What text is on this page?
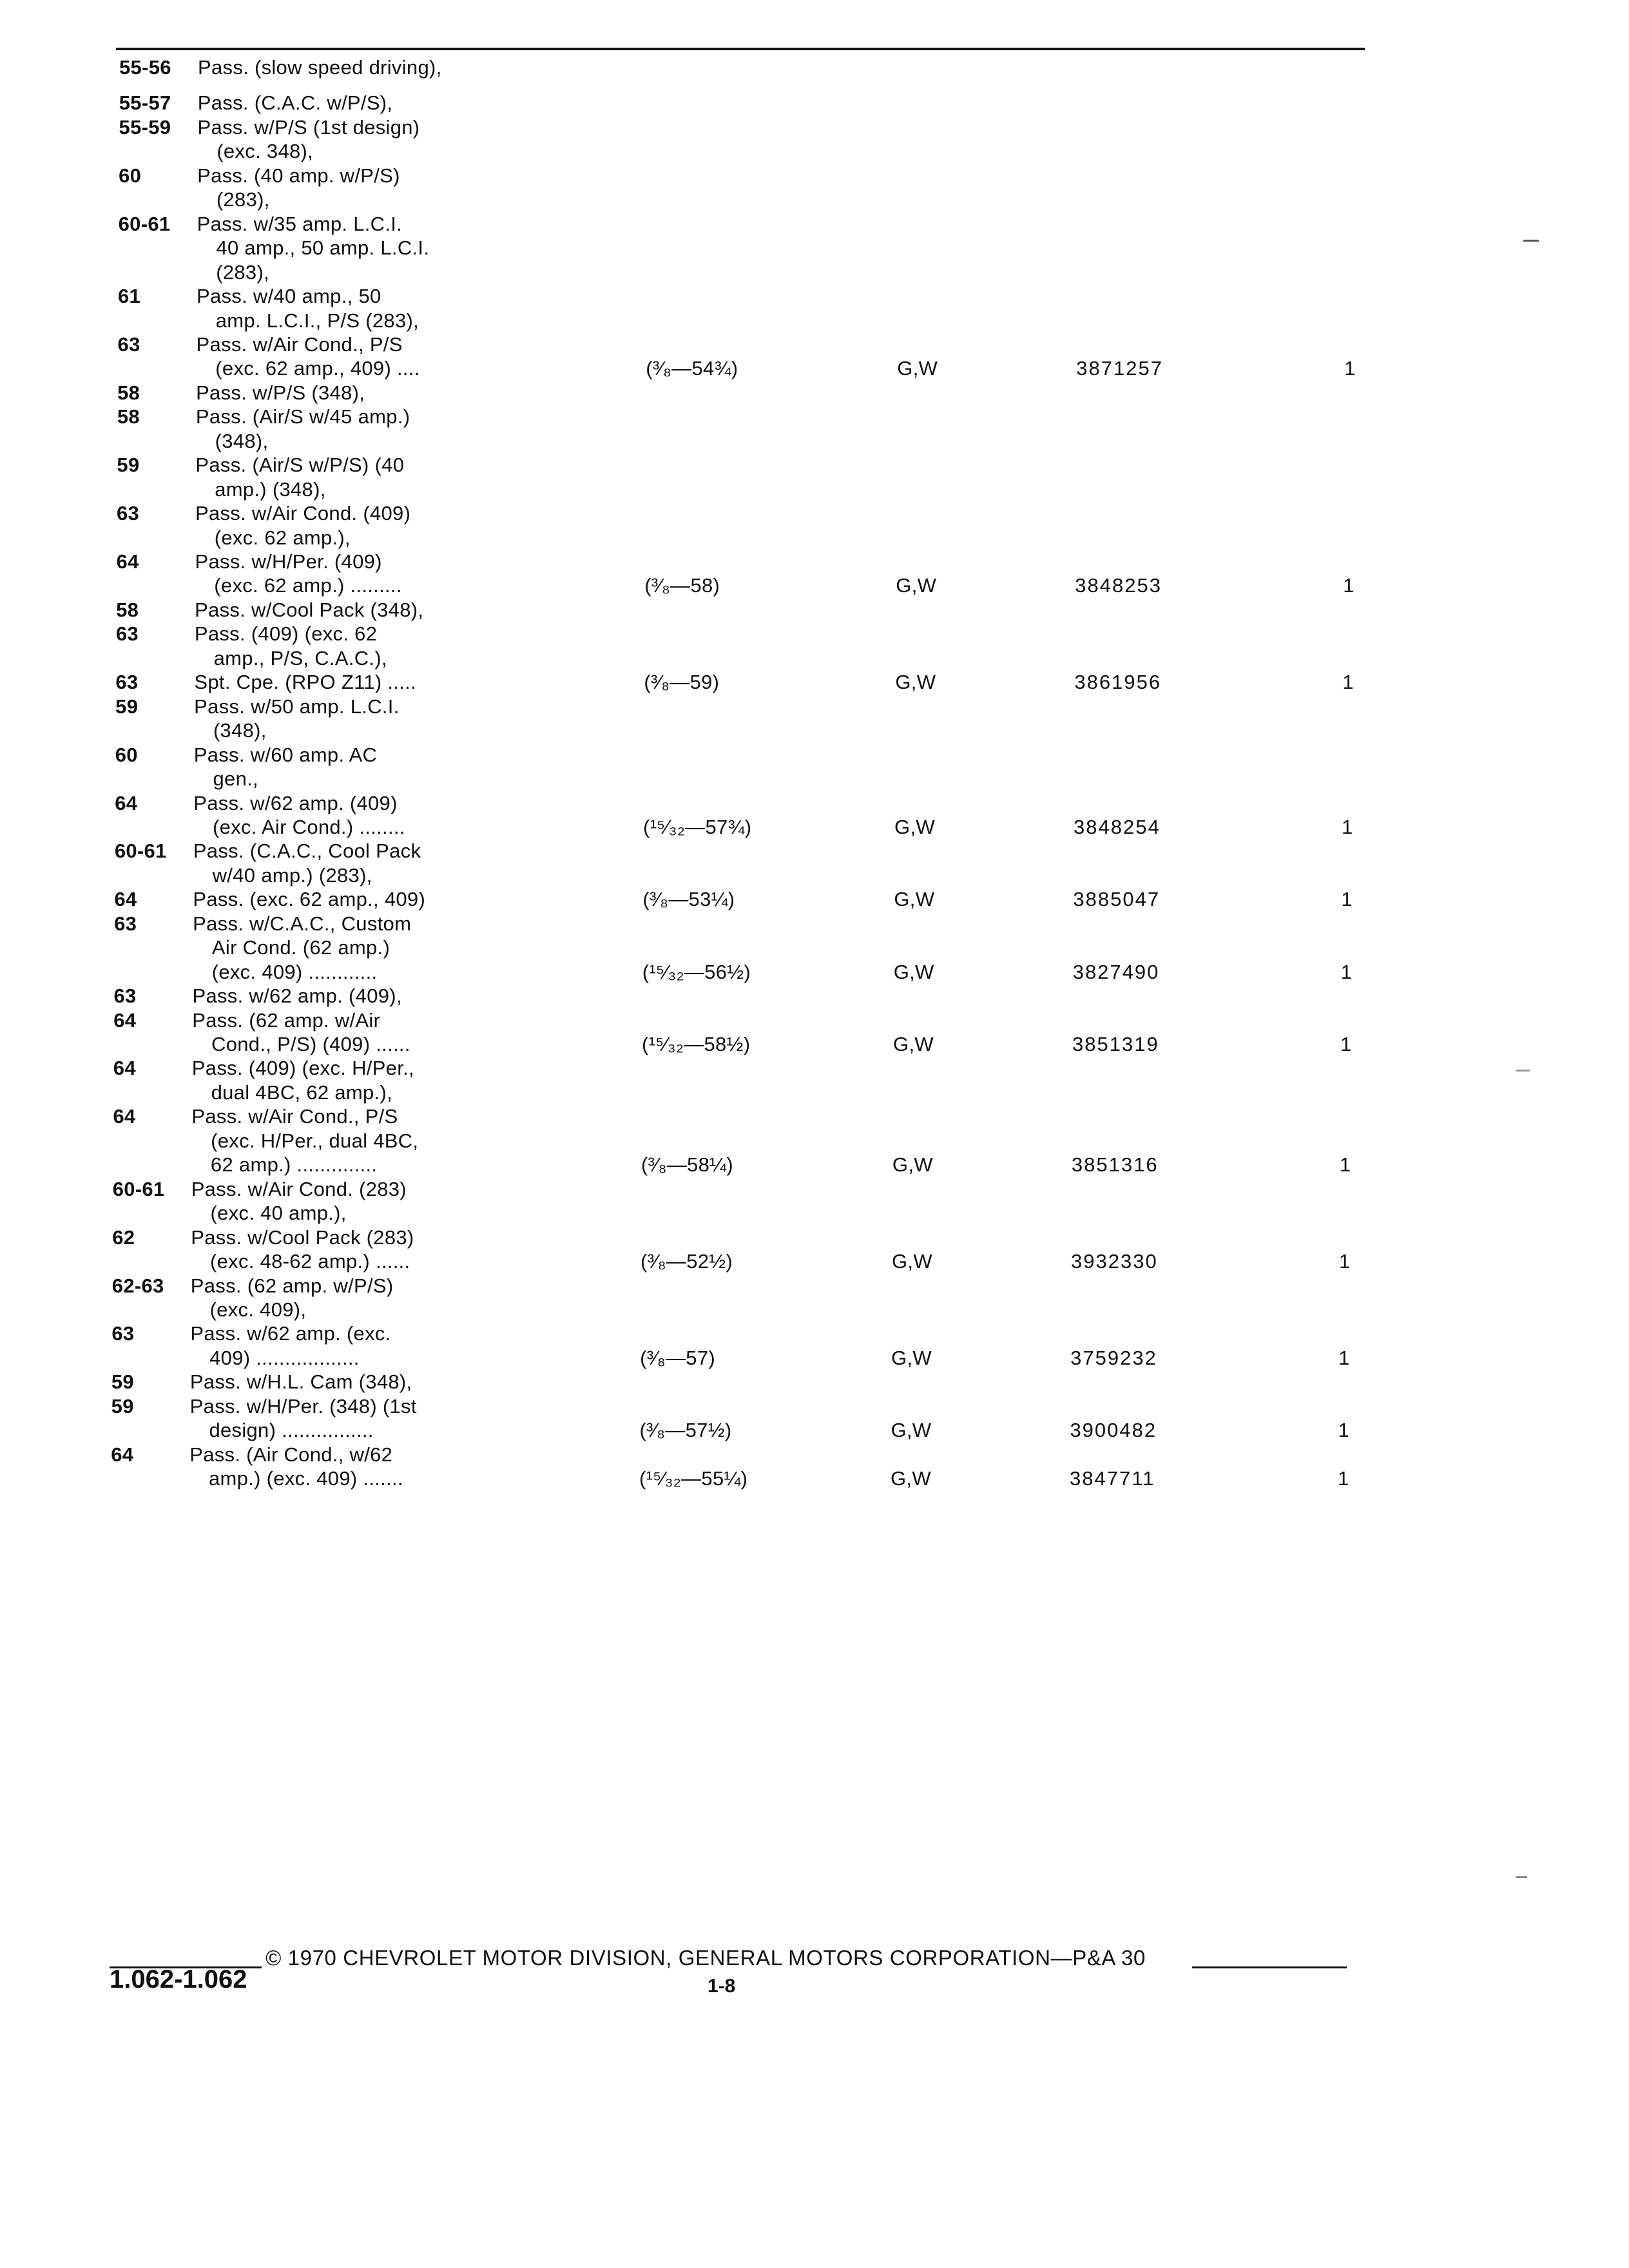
55-56 Pass. (slow speed driving),
55-57 Pass. (C.A.C. w/P/S),
55-59 Pass. w/P/S (1st design)
(exc. 348),
60	Pass. (40 amp. w/P/S)
(283),
60-61 Pass. w/35 amp. L.C.I.
40 amp., 50 amp. L.C.I.
(283),
61	Pass. w/40 amp., 50
amp. L.C.I., P/S (283),
63	Pass. w/Air Cond., P/S
(exc. 62 amp., 409) ....	(³⁄₈—54¾)	G,W	3871257	1
58	Pass. w/P/S (348),
58	Pass. (Air/S w/45 amp.)
(348),
59	Pass. (Air/S w/P/S) (40
amp.) (348),
63	Pass. w/Air Cond. (409)
(exc. 62 amp.),
64	Pass. w/H/Per. (409)
(exc. 62 amp.) .........	(³⁄₈—58)	G,W	3848253	1
58	Pass. w/Cool Pack (348),
63	Pass. (409) (exc. 62
amp., P/S, C.A.C.),
63	Spt. Cpe. (RPO Z11) .....	(³⁄₈—59)	G,W	3861956	1
59	Pass. w/50 amp. L.C.I.
(348),
60	Pass. w/60 amp. AC
gen.,
64	Pass. w/62 amp. (409)
(exc. Air Cond.) ........	(¹⁵⁄₃₂—57¾)	G,W	3848254	1
60-61 Pass. (C.A.C., Cool Pack
w/40 amp.) (283),
64	Pass. (exc. 62 amp., 409)	(³⁄₈—53¼)	G,W	3885047	1
63	Pass. w/C.A.C., Custom
Air Cond. (62 amp.)
(exc. 409) ............	(¹⁵⁄₃₂—56½)	G,W	3827490	1
63	Pass. w/62 amp. (409),
64	Pass. (62 amp. w/Air
Cond., P/S) (409) ......	(¹⁵⁄₃₂—58½)	G,W	3851319	1
64	Pass. (409) (exc. H/Per.,
dual 4BC, 62 amp.),
64	Pass. w/Air Cond., P/S
(exc. H/Per., dual 4BC,
62 amp.) ..............	(³⁄₈—58¼)	G,W	3851316	1
60-61 Pass. w/Air Cond. (283)
(exc. 40 amp.),
62	Pass. w/Cool Pack (283)
(exc. 48-62 amp.) ......	(³⁄₈—52½)	G,W	3932330	1
62-63 Pass. (62 amp. w/P/S)
(exc. 409),
63	Pass. w/62 amp. (exc.
409) ..................	(³⁄₈—57)	G,W	3759232	1
59	Pass. w/H.L. Cam (348),
59	Pass. w/H/Per. (348) (1st
design) ................	(³⁄₈—57½)	G,W	3900482	1
64	Pass. (Air Cond., w/62
amp.) (exc. 409) .......	(¹⁵⁄₃₂—55¼)	G,W	3847711	1
© 1970 CHEVROLET MOTOR DIVISION, GENERAL MOTORS CORPORATION—P&A 30
1.062-1.062	1-8
